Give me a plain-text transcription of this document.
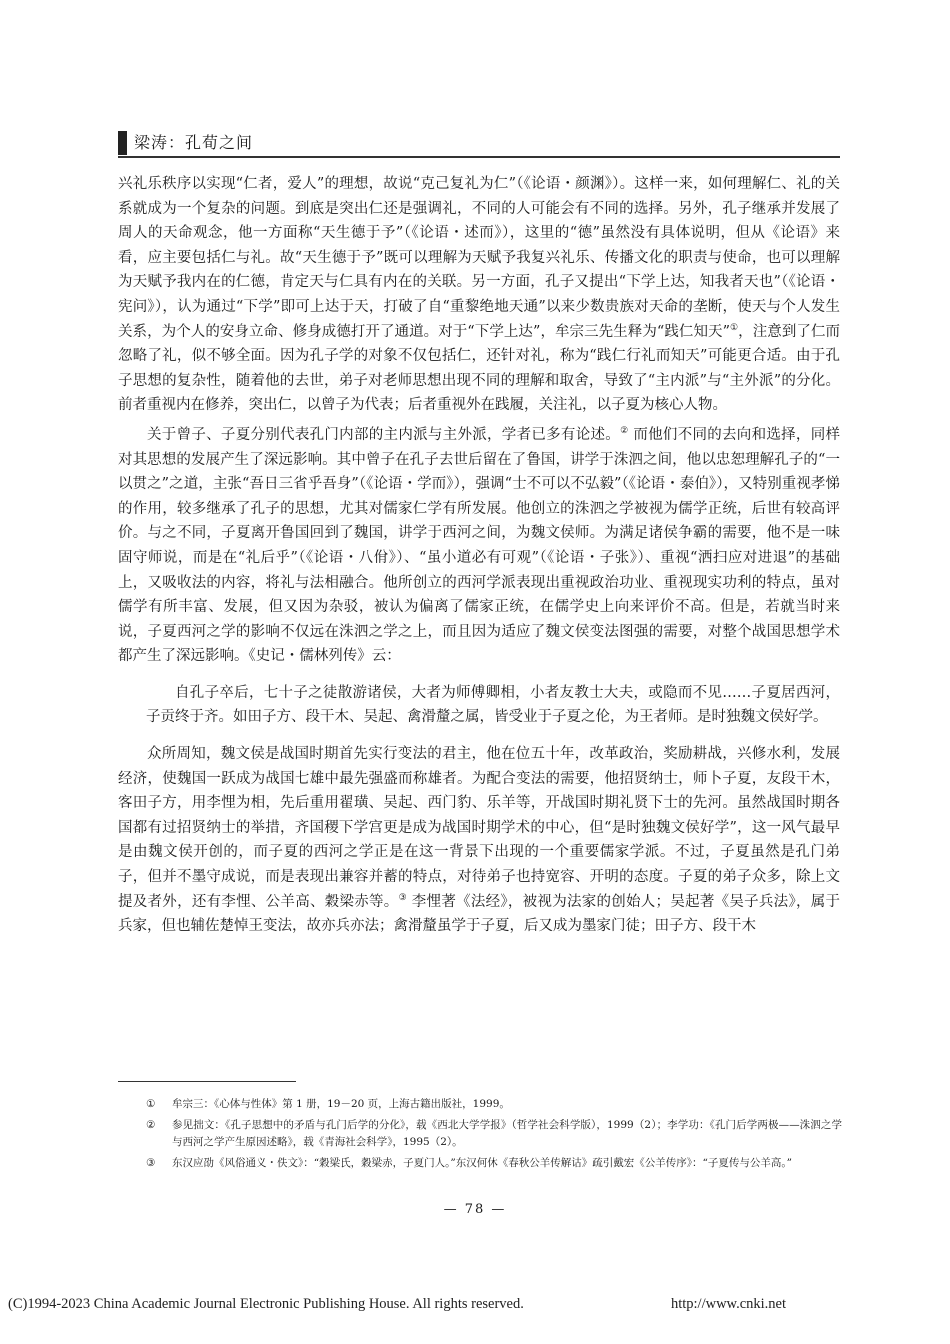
梁涛：孔荀之间

兴礼乐秩序以实现“仁者，爱人”的理想，故说“克己复礼为仁”（《论语・颜渊》）。这样一来，如何理解仁、礼的关系就成为一个复杂的问题。到底是突出仁还是强调礼，不同的人可能会有不同的选择。另外，孔子继承并发展了周人的天命观念，他一方面称“天生德于予”（《论语・述而》），这里的“德”虽然没有具体说明，但从《论语》来看，应主要包括仁与礼。故“天生德于予”既可以理解为天赋予我复兴礼乐、传播文化的职责与使命，也可以理解为天赋予我内在的仁德，肯定天与仁具有内在的关联。另一方面，孔子又提出“下学上达，知我者天也”（《论语・宪问》），认为通过“下学”即可上达于天，打破了自“重黎绝地天通”以来少数贵族对天命的垄断，使天与个人发生关系，为个人的安身立命、修身成德打开了通道。对于“下学上达”，牟宗三先生释为“践仁知天”①，注意到了仁而忽略了礼，似不够全面。因为孔子学的对象不仅包括仁，还针对礼，称为“践仁行礼而知天”可能更合适。由于孔子思想的复杂性，随着他的去世，弟子对老师思想出现不同的理解和取舍，导致了“主内派”与“主外派”的分化。前者重视内在修养，突出仁，以曾子为代表；后者重视外在践履，关注礼，以子夏为核心人物。

关于曾子、子夏分别代表孔门内部的主内派与主外派，学者已多有论述。② 而他们不同的去向和选择，同样对其思想的发展产生了深远影响。其中曾子在孔子去世后留在了鲁国，讲学于洙泗之间，他以忠恕理解孔子的“一以贯之”之道，主张“吾日三省乎吾身”（《论语・学而》），强调“士不可以不弘毅”（《论语・泰伯》），又特别重视孝悌的作用，较多继承了孔子的思想，尤其对儒家仁学有所发展。他创立的洙泗之学被视为儒学正统，后世有较高评价。与之不同，子夏离开鲁国回到了魏国，讲学于西河之间，为魏文侯师。为满足诸侯争霸的需要，他不是一味固守师说，而是在“礼后乎”（《论语・八佾》）、“虽小道必有可观”（《论语・子张》）、重视“洒扫应对进退”的基础上，又吸收法的内容，将礼与法相融合。他所创立的西河学派表现出重视政治功业、重视现实功利的特点，虽对儒学有所丰富、发展，但又因为杂驳，被认为偏离了儒家正统，在儒学史上向来评价不高。但是，若就当时来说，子夏西河之学的影响不仅远在洙泗之学之上，而且因为适应了魏文侯变法图强的需要，对整个战国思想学术都产生了深远影响。《史记・儒林列传》云：

自孔子卒后，七十子之徒散游诸侯，大者为师傅卿相，小者友教士大夫，或隐而不见……子夏居西河，子贡终于齐。如田子方、段干木、吴起、禽滑釐之属，皆受业于子夏之伦，为王者师。是时独魏文侯好学。

众所周知，魏文侯是战国时期首先实行变法的君主，他在位五十年，改革政治，奖励耕战，兴修水利，发展经济，使魏国一跃成为战国七雄中最先强盛而称雄者。为配合变法的需要，他招贤纳士，师卜子夏，友段干木，客田子方，用李悝为相，先后重用翟璜、吴起、西门豹、乐羊等，开战国时期礼贤下士的先河。虽然战国时期各国都有过招贤纳士的举措，齐国稷下学宫更是成为战国时期学术的中心，但“是时独魏文侯好学”，这一风气最早是由魏文侯开创的，而子夏的西河之学正是在这一背景下出现的一个重要儒家学派。不过，子夏虽然是孔门弟子，但并不墨守成说，而是表现出兼容并蓄的特点，对待弟子也持宽容、开明的态度。子夏的弟子众多，除上文提及者外，还有李悝、公羊高、穀梁赤等。③ 李悝著《法经》，被视为法家的创始人；吴起著《吴子兵法》，属于兵家，但也辅佐楚悼王变法，故亦兵亦法；禽滑釐虽学于子夏，后又成为墨家门徒；田子方、段干木

① 牟宗三：《心体与性体》第 1 册，19－20 页，上海古籍出版社，1999。

② 参见拙文：《孔子思想中的矛盾与孔门后学的分化》，载《西北大学学报》（哲学社会科学版），1999（2）；李学功：《孔门后学两极——洙泗之学与西河之学产生原因述略》，载《青海社会科学》，1995（2）。

③ 东汉应劭《风俗通义・佚文》：“穀梁氏，穀梁赤，子夏门人。”东汉何休《春秋公羊传解诂》疏引戴宏《公羊传序》：“子夏传与公羊高。”

— 78 —
(C)1994-2023 China Academic Journal Electronic Publishing House. All rights reserved.	http://www.cnki.net
